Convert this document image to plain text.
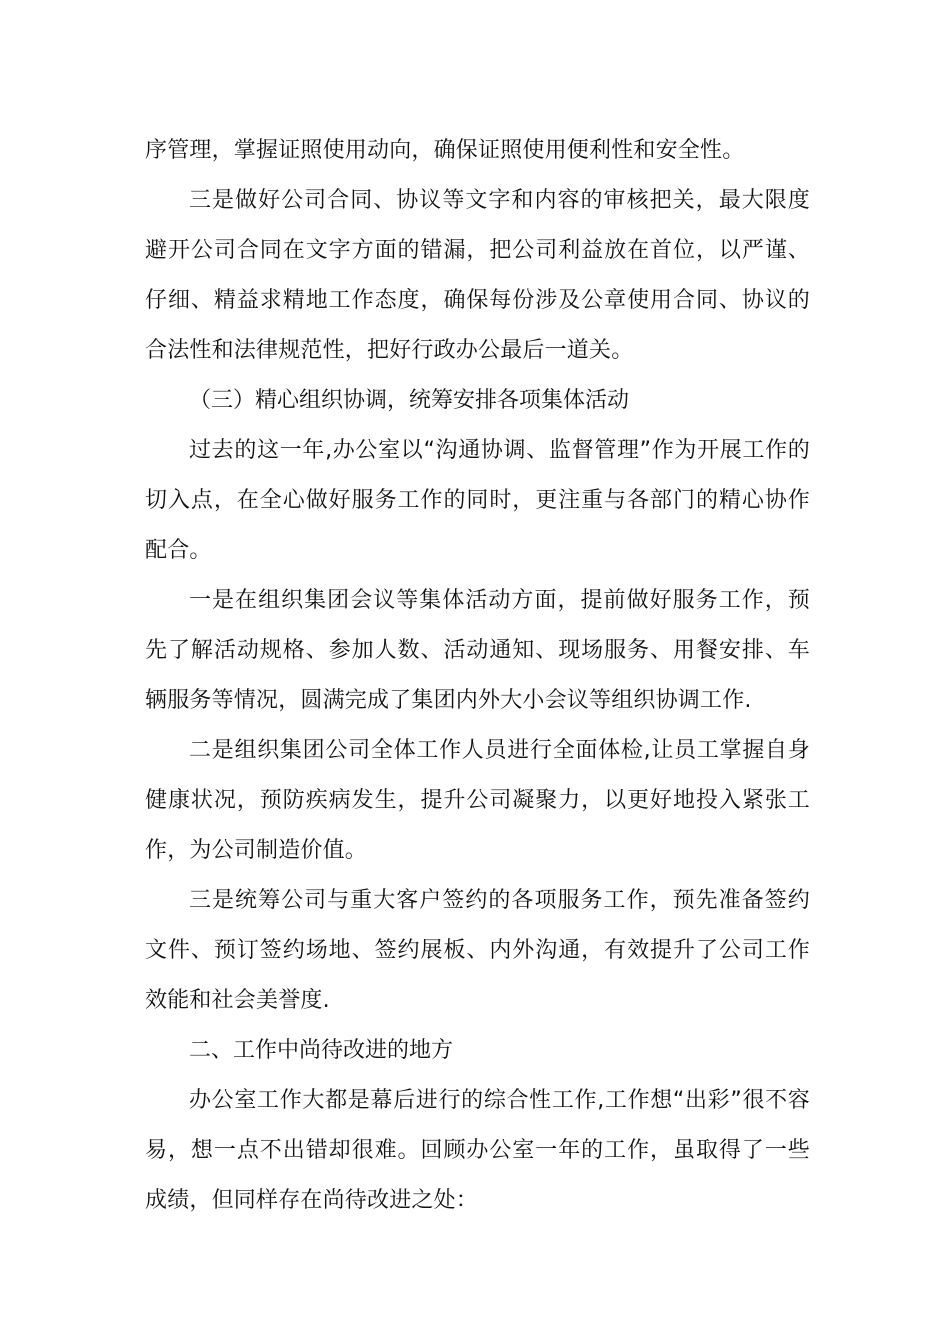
序管理，掌握证照使用动向，确保证照使用便利性和安全性。

三是做好公司合同、协议等文字和内容的审核把关，最大限度避开公司合同在文字方面的错漏，把公司利益放在首位，以严谨、仔细、精益求精地工作态度，确保每份涉及公章使用合同、协议的合法性和法律规范性，把好行政办公最后一道关。

（三）精心组织协调，统筹安排各项集体活动

过去的这一年,办公室以“沟通协调、监督管理”作为开展工作的切入点，在全心做好服务工作的同时，更注重与各部门的精心协作配合。

一是在组织集团会议等集体活动方面，提前做好服务工作，预先了解活动规格、参加人数、活动通知、现场服务、用餐安排、车辆服务等情况，圆满完成了集团内外大小会议等组织协调工作.

二是组织集团公司全体工作人员进行全面体检,让员工掌握自身健康状况，预防疾病发生，提升公司凝聚力，以更好地投入紧张工作，为公司制造价值。

三是统筹公司与重大客户签约的各项服务工作，预先准备签约文件、预订签约场地、签约展板、内外沟通，有效提升了公司工作效能和社会美誉度.

二、工作中尚待改进的地方

办公室工作大都是幕后进行的综合性工作,工作想“出彩”很不容易，想一点不出错却很难。回顾办公室一年的工作，虽取得了一些成绩，但同样存在尚待改进之处：
